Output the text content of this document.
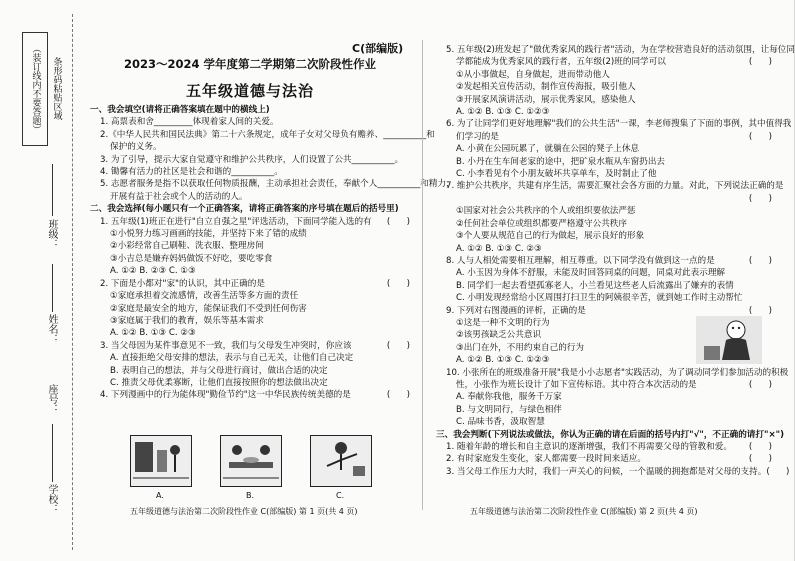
（装订线内不要答题）	条形码粘贴区域
学校：
座号：
姓名：
班级：
C(部编版)
2023～2024 学年度第二学期第二次阶段性作业
五年级道德与法治

一、我会填空(请将正确答案填在题中的横线上)

1. 高票表和舍_________体现着家人间的关爱。

2.《中华人民共和国民法典》第二十六条规定，成年子女对父母负有赡养、__________和

保护的义务。

3. 为了引导，提示大家自觉遵守和维护公共秩序，人们设置了公共__________。

4. 锄馨有活力的社区是社会和谐的__________。

5. 志愿者服务是指不以获取任何物质报酬，主动承担社会责任，奉献个人__________和精力，

开展有益于社会或个人的活动的人。

二、我会选择(每小题只有一个正确答案，请将正确答案的序号填在题后的括号里)

1. 五年级(1)班正在进行"自立自强之星"评选活动，下面同学能入选的有 (      )

①小悦努力练习画画的技能，并坚持下来了错的成绩

②小彩经常自己刷鞋、洗衣服、整理房间

③小吉总是嫌弃妈妈做饭不好吃，要吃零食

A. ①② B. ②③ C. ①③

2. 下面是小都对"家"的认识，其中正确的是	(      )

①家庭承担着交流感情，改善生活等多方面的责任

②家庭是最安全的地方，能保证我们不受到任何伤害

③家庭属于我们的教育，娱乐等基本需求

A. ①② B. ①③ C. ②③

3. 当父母因为某件事意见不一致，我们与父母发生冲突时，你应该	(      )

A. 直接拒绝父母安排的想法，表示与自己无关，让他们自己决定

B. 表明自己的想法，并与父母进行商讨，做出合适的决定

C. 推责父母优柔寡断，让他们直接按照你的想法做出决定

4. 下列漫画中的行为能体现"勤俭节约"这一中华民族传统美德的是	(      )

A.	B.	C.
五年级道德与法治第二次阶段性作业 C(部编版) 第 1 页(共 4 页)

5. 五年级(2)班发起了"做优秀家风的践行者"活动，为在学校营造良好的活动氛围，让每位同

学都能成为优秀家风的践行者，五年级(2)班的同学可以	(      )

①从小事做起，自身做起，进而带动他人

②发起相关宣传活动，制作宣传海报，吸引他人

③开展家风演讲活动，展示优秀家风，感染他人

A. ①② B. ①③ C. ①②③

6. 为了让同学们更好地理解"我们的公共生活"一课，李老师搜集了下面的事例，其中值得我

们学习的是	(      )

A. 小黄在公园玩累了，就躺在公园的凳子上休息

B. 小丹在生车间老家的途中，把矿泉水瓶从车窗扔出去

C. 小李看见有个小朋友破坏共享单车，及时制止了他

7. 维护公共秩序，共建有序生活，需要汇聚社会各方面的力量。对此，下列说法正确的是

(      )

①国家对社会公共秩序的个人或组织要依法严惩

②任何社会单位或组织都要严格遵守公共秩序

③个人要从规范自己的行为做起，展示良好的形象

A. ①② B. ①③ C. ②③

8. 人与人相处需要相互理解，相互尊重。以下同学没有做到这一点的是	(      )

A. 小玉因为身体不舒服，未能及时回答同桌的问题，同桌对此表示理解

B. 同学们一起去看望孤寡老人，小兰看见这些老人后流露出了嫌弃的表情

C. 小明发现经常给小区周围打扫卫生的阿姨很辛苦，就到她工作时主动帮忙

9. 下列对右图漫画的评析，正确的是	(      )

①这是一种不文明的行为

②该男孩缺乏公共意识

③出门在外，不用约束自己的行为

A. ①② B. ①③ C. ①②③

10. 小张所在的班级准备开展"我是小小志愿者"实践活动，为了调动同学们参加活动的积极

性，小张作为班长设计了如下宣传标语。其中符合本次活动的是	(      )

A. 奉献你我他，服务千万家

B. 与文明同行，与绿色相伴

C. 品味书香，汲取智慧

三、我会判断(下列说法或做法，你认为正确的请在后面的括号内打"√"，不正确的请打"×")

1. 随着年龄的增长和自主意识的逐渐增强，我们不再需要父母的管教和爱。 (      )

2. 有时家庭发生变化，家人都需要一段时间来适应。	(      )

3. 当父母工作压力大时，我们一声关心的问候，一个温暖的拥抱都是对父母的支持。 (      )

五年级道德与法治第二次阶段性作业 C(部编版) 第 2 页(共 4 页)
